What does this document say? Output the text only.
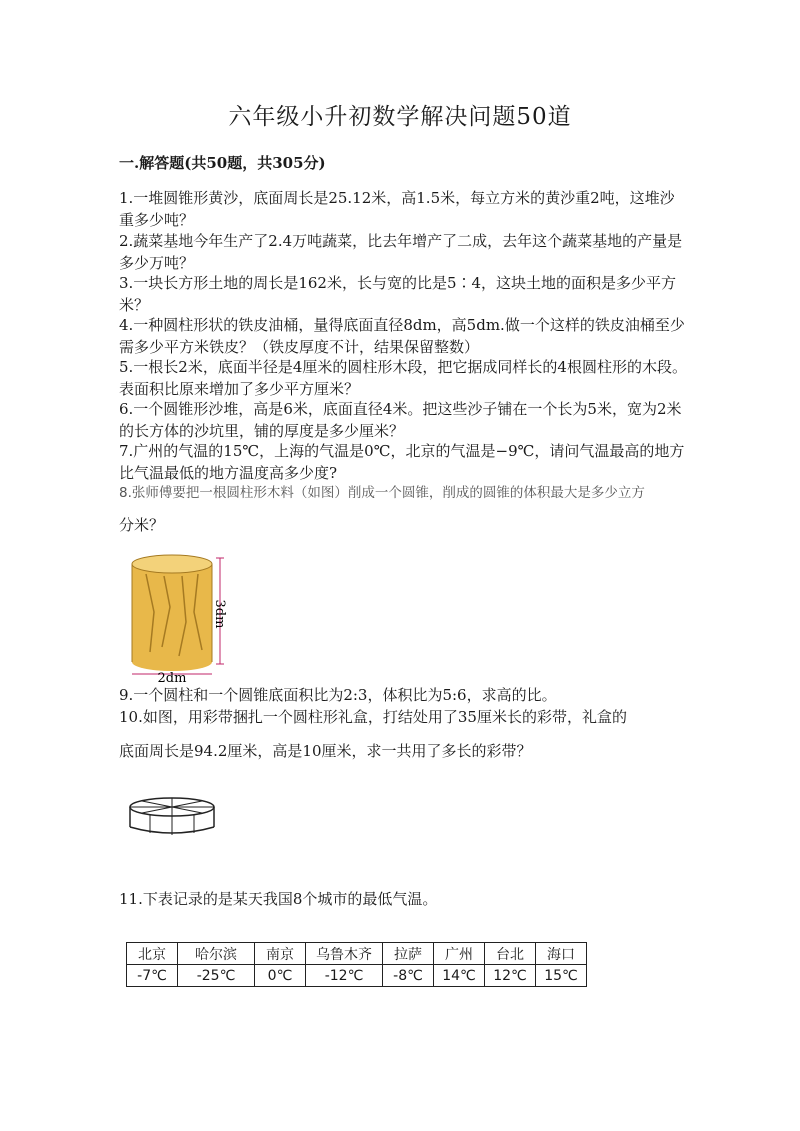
六年级小升初数学解决问题50道
一.解答题(共50题，共305分)
1.一堆圆锥形黄沙，底面周长是25.12米，高1.5米，每立方米的黄沙重2吨，这堆沙重多少吨？
2.蔬菜基地今年生产了2.4万吨蔬菜，比去年增产了二成，去年这个蔬菜基地的产量是多少万吨？
3.一块长方形土地的周长是162米，长与宽的比是5∶4，这块土地的面积是多少平方米？
4.一种圆柱形状的铁皮油桶，量得底面直径8dm，高5dm.做一个这样的铁皮油桶至少需多少平方米铁皮？（铁皮厚度不计，结果保留整数）
5.一根长2米，底面半径是4厘米的圆柱形木段，把它据成同样长的4根圆柱形的木段。表面积比原来增加了多少平方厘米？
6.一个圆锥形沙堆，高是6米，底面直径4米。把这些沙子铺在一个长为5米，宽为2米的长方体的沙坑里，铺的厚度是多少厘米？
7.广州的气温的15℃，上海的气温是0℃，北京的气温是−9℃，请问气温最高的地方比气温最低的地方温度高多少度?
8.张师傅要把一根圆柱形木料（如图）削成一个圆锥，削成的圆锥的体积最大是多少立方
分米？
3dm
2dm
9.一个圆柱和一个圆锥底面积比为2:3，体积比为5:6，求高的比。
10.如图，用彩带捆扎一个圆柱形礼盒，打结处用了35厘米长的彩带，礼盒的
底面周长是94.2厘米，高是10厘米，求一共用了多长的彩带？
11.下表记录的是某天我国8个城市的最低气温。
北京	哈尔滨	南京	乌鲁木齐	拉萨	广州	台北	海口
-7℃	-25℃	0℃	-12℃	-8℃	14℃	12℃	15℃
